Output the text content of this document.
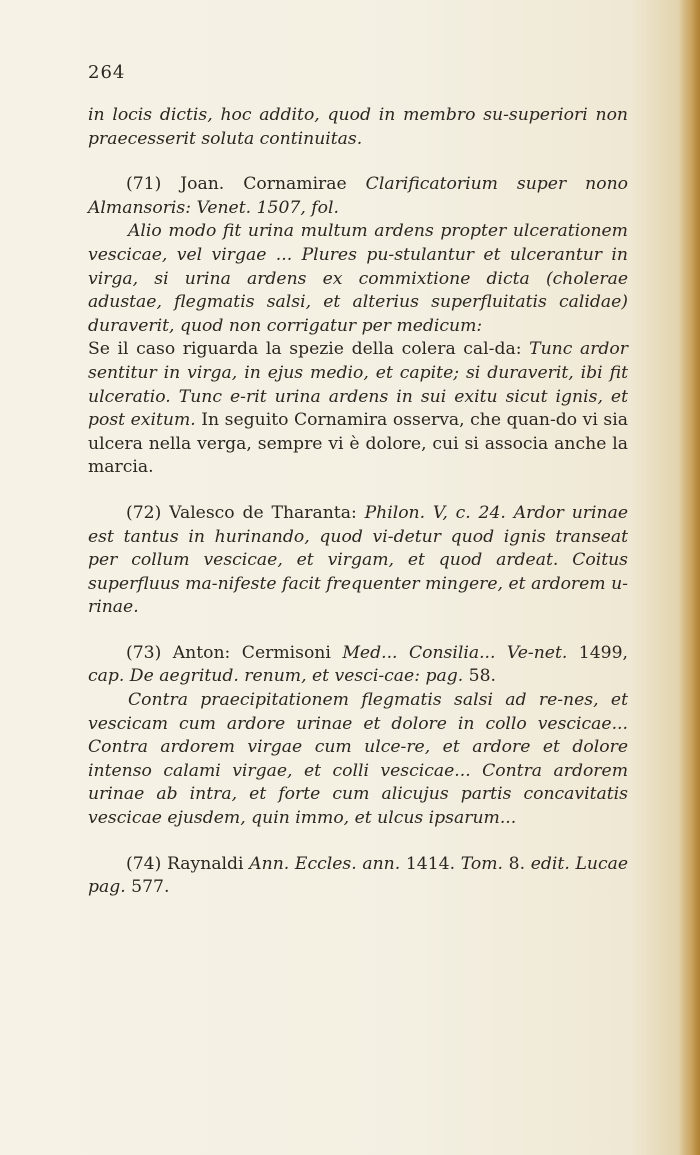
264

in locis dictis, hoc addito, quod in membro su-superiori non praecesserit soluta continuitas.

(71) Joan. Cornamirae Clarificatorium super nono Almansoris: Venet. 1507, fol.

Alio modo fit urina multum ardens propter ulcerationem vescicae, vel virgae ... Plures pu-stulantur et ulcerantur in virga, si urina ardens ex commixtione dicta (cholerae adustae, flegmatis salsi, et alterius superfluitatis calidae) duraverit, quod non corrigatur per medicum:

Se il caso riguarda la spezie della colera cal-da: Tunc ardor sentitur in virga, in ejus medio, et capite; si duraverit, ibi fit ulceratio. Tunc e-rit urina ardens in sui exitu sicut ignis, et post exitum. In seguito Cornamira osserva, che quan-do vi sia ulcera nella verga, sempre vi è dolore, cui si associa anche la marcia.

(72) Valesco de Tharanta: Philon. V, c. 24. Ardor urinae est tantus in hurinando, quod vi-detur quod ignis transeat per collum vescicae, et virgam, et quod ardeat. Coitus superfluus ma-nifeste facit frequenter mingere, et ardorem u-rinae.

(73) Anton: Cermisoni Med... Consilia... Ve-net. 1499, cap. De aegritud. renum, et vesci-cae: pag. 58.

Contra praecipitationem flegmatis salsi ad re-nes, et vescicam cum ardore urinae et dolore in collo vescicae... Contra ardorem virgae cum ulce-re, et ardore et dolore intenso calami virgae, et colli vescicae... Contra ardorem urinae ab intra, et forte cum alicujus partis concavitatis vescicae ejusdem, quin immo, et ulcus ipsarum...

(74) Raynaldi Ann. Eccles. ann. 1414. Tom. 8. edit. Lucae pag. 577.
